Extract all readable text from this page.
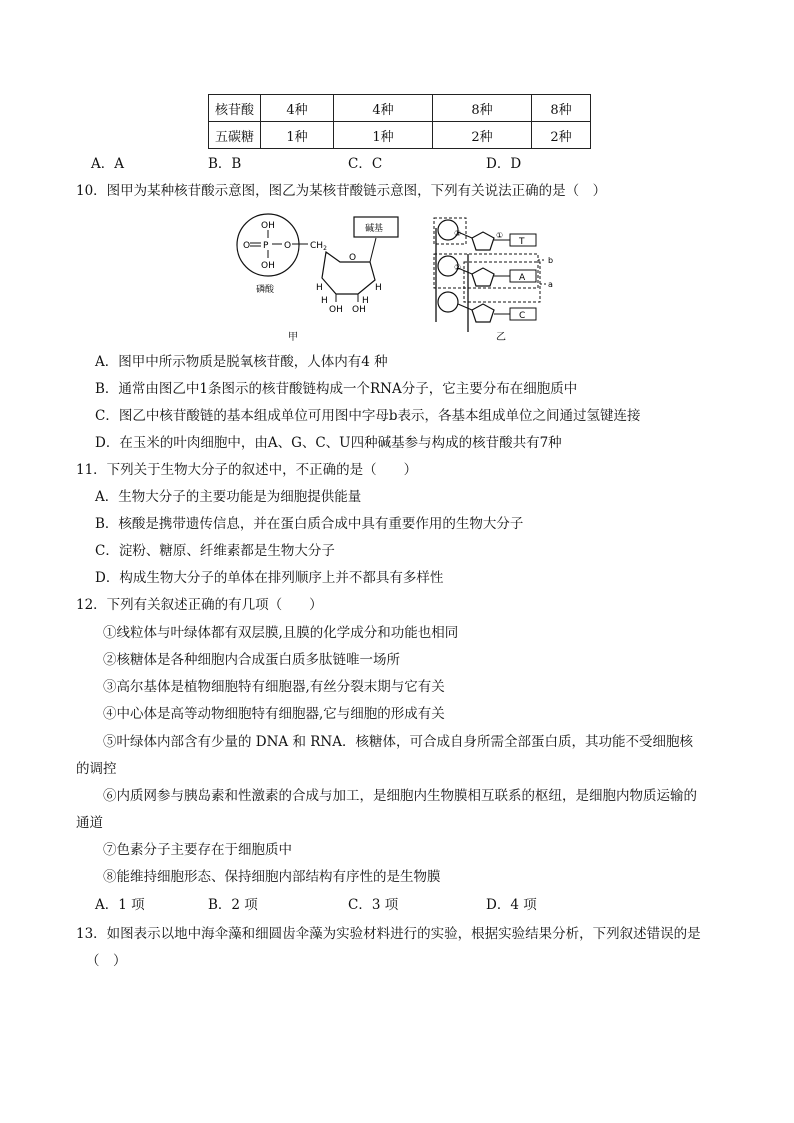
核苷酸	4种	4种	8种	8种
五碳糖	1种	1种	2种	2种
A．A	B．B	C．C	D．D
10．图甲为某种核苷酸示意图，图乙为某核苷酸链示意图，下列有关说法正确的是（　）
OH
O P O
OH
磷酸
$CH_2$
O
碱基
H	H
H	H
OH OH
甲
T
A
C
③	①
②
b
a
乙
A．图甲中所示物质是脱氧核苷酸，人体内有4 种
B．通常由图乙中1条图示的核苷酸链构成一个RNA分子，它主要分布在细胞质中
C．图乙中核苷酸链的基本组成单位可用图中字母b表示，各基本组成单位之间通过氢键连接
D．在玉米的叶肉细胞中，由A、G、C、U四种碱基参与构成的核苷酸共有7种
11．下列关于生物大分子的叙述中，不正确的是（　　）
A．生物大分子的主要功能是为细胞提供能量
B．核酸是携带遗传信息，并在蛋白质合成中具有重要作用的生物大分子
C．淀粉、糖原、纤维素都是生物大分子
D．构成生物大分子的单体在排列顺序上并不都具有多样性
12．下列有关叙述正确的有几项（　　）
①线粒体与叶绿体都有双层膜,且膜的化学成分和功能也相同
②核糖体是各种细胞内合成蛋白质多肽链唯一场所
③高尔基体是植物细胞特有细胞器,有丝分裂末期与它有关
④中心体是高等动物细胞特有细胞器,它与细胞的形成有关
⑤叶绿体内部含有少量的 DNA 和 RNA．核糖体，可合成自身所需全部蛋白质，其功能不受细胞核
的调控
⑥内质网参与胰岛素和性激素的合成与加工，是细胞内生物膜相互联系的枢纽，是细胞内物质运输的
通道
⑦色素分子主要存在于细胞质中
⑧能维持细胞形态、保持细胞内部结构有序性的是生物膜
A．1 项	B．2 项	C．3 项	D．4 项
13．如图表示以地中海伞藻和细圆齿伞藻为实验材料进行的实验，根据实验结果分析，下列叙述错误的是
（　）
